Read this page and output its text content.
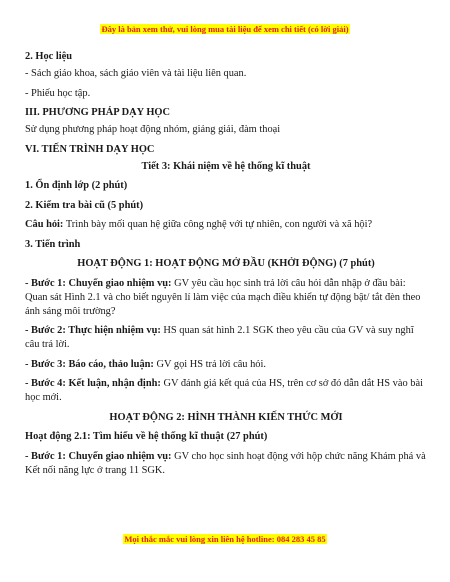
Đây là bản xem thử, vui lòng mua tài liệu để xem chi tiết (có lời giải)

2. Học liệu

- Sách giáo khoa, sách giáo viên và tài liệu liên quan.

- Phiếu học tập.

III. PHƯƠNG PHÁP DẠY HỌC

Sử dụng phương pháp hoạt động nhóm, giảng giải, đàm thoại

VI. TIẾN TRÌNH DẠY HỌC

Tiết 3: Khái niệm về hệ thống kĩ thuật

1. Ổn định lớp (2 phút)

2. Kiểm tra bài cũ (5 phút)

Câu hỏi: Trình bày mối quan hệ giữa công nghệ với tự nhiên, con người và xã hội?

3. Tiến trình

HOẠT ĐỘNG 1: HOẠT ĐỘNG MỞ ĐẦU (KHỞI ĐỘNG) (7 phút)

- Bước 1: Chuyển giao nhiệm vụ: GV yêu cầu học sinh trả lời câu hỏi dẫn nhập ở đầu bài: Quan sát Hình 2.1 và cho biết nguyên lí làm việc của mạch điều khiển tự động bật/ tắt đèn theo ánh sáng môi trường?

- Bước 2: Thực hiện nhiệm vụ: HS quan sát hình 2.1 SGK theo yêu cầu của GV và suy nghĩ câu trả lời.

- Bước 3: Báo cáo, thảo luận: GV gọi HS trả lời câu hỏi.

- Bước 4: Kết luận, nhận định: GV đánh giá kết quả của HS, trên cơ sở đó dẫn dắt HS vào bài học mới.

HOẠT ĐỘNG 2: HÌNH THÀNH KIẾN THỨC MỚI

Hoạt động 2.1: Tìm hiểu về hệ thống kĩ thuật (27 phút)

- Bước 1: Chuyển giao nhiệm vụ: GV cho học sinh hoạt động với hộp chức năng Khám phá và Kết nối năng lực ở trang 11 SGK.

Mọi thắc mắc vui lòng xin liên hệ hotline: 084 283 45 85
